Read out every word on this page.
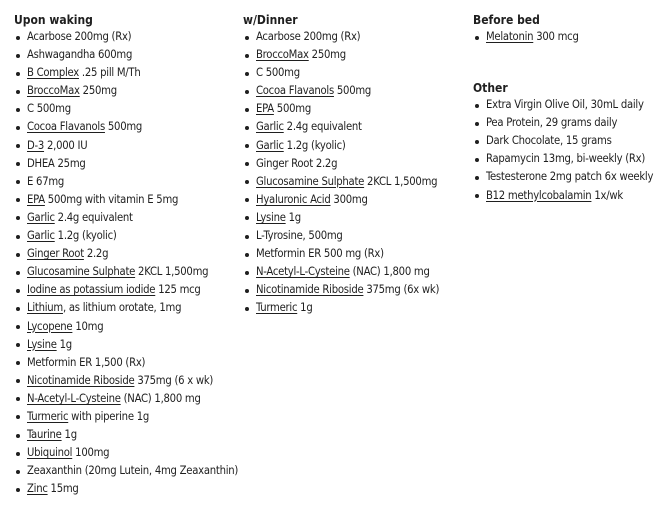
Upon waking
Acarbose 200mg (Rx)
Ashwagandha 600mg
B Complex .25 pill M/Th
BroccoMax 250mg
C 500mg
Cocoa Flavanols 500mg
D-3 2,000 IU
DHEA 25mg
E 67mg
EPA 500mg with vitamin E 5mg
Garlic 2.4g equivalent
Garlic 1.2g (kyolic)
Ginger Root 2.2g
Glucosamine Sulphate 2KCL 1,500mg
Iodine as potassium iodide 125 mcg
Lithium, as lithium orotate, 1mg
Lycopene 10mg
Lysine 1g
Metformin ER 1,500 (Rx)
Nicotinamide Riboside 375mg (6 x wk)
N-Acetyl-L-Cysteine (NAC) 1,800 mg
Turmeric with piperine 1g
Taurine 1g
Ubiquinol 100mg
Zeaxanthin (20mg Lutein, 4mg Zeaxanthin)
Zinc 15mg
w/Dinner
Acarbose 200mg (Rx)
BroccoMax 250mg
C 500mg
Cocoa Flavanols 500mg
EPA 500mg
Garlic 2.4g equivalent
Garlic 1.2g (kyolic)
Ginger Root 2.2g
Glucosamine Sulphate 2KCL 1,500mg
Hyaluronic Acid 300mg
Lysine 1g
L-Tyrosine, 500mg
Metformin ER 500 mg (Rx)
N-Acetyl-L-Cysteine (NAC) 1,800 mg
Nicotinamide Riboside 375mg (6x wk)
Turmeric 1g
Before bed
Melatonin 300 mcg
Other
Extra Virgin Olive Oil, 30mL daily
Pea Protein, 29 grams daily
Dark Chocolate, 15 grams
Rapamycin 13mg, bi-weekly (Rx)
Testesterone 2mg patch 6x weekly
B12 methylcobalamin 1x/wk
